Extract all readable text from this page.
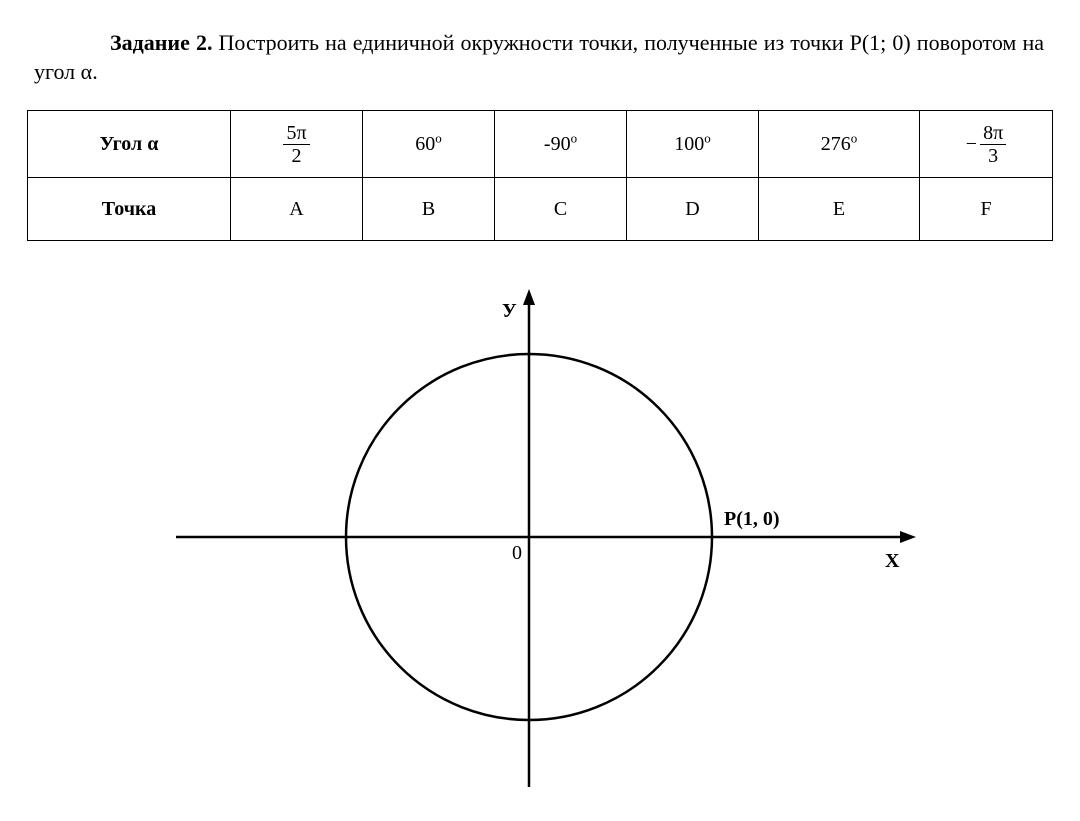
Задание 2. Построить на единичной окружности точки, полученные из точки P(1; 0) поворотом на угол α.
Угол α	$\frac{5\pi}{2}$	60$^o$	-90$^o$	100$^o$	$276^o$	− $\frac{8\pi}{3}$

Точка	A	B	C	D	E	F
У
Х
0
P(1, 0)
